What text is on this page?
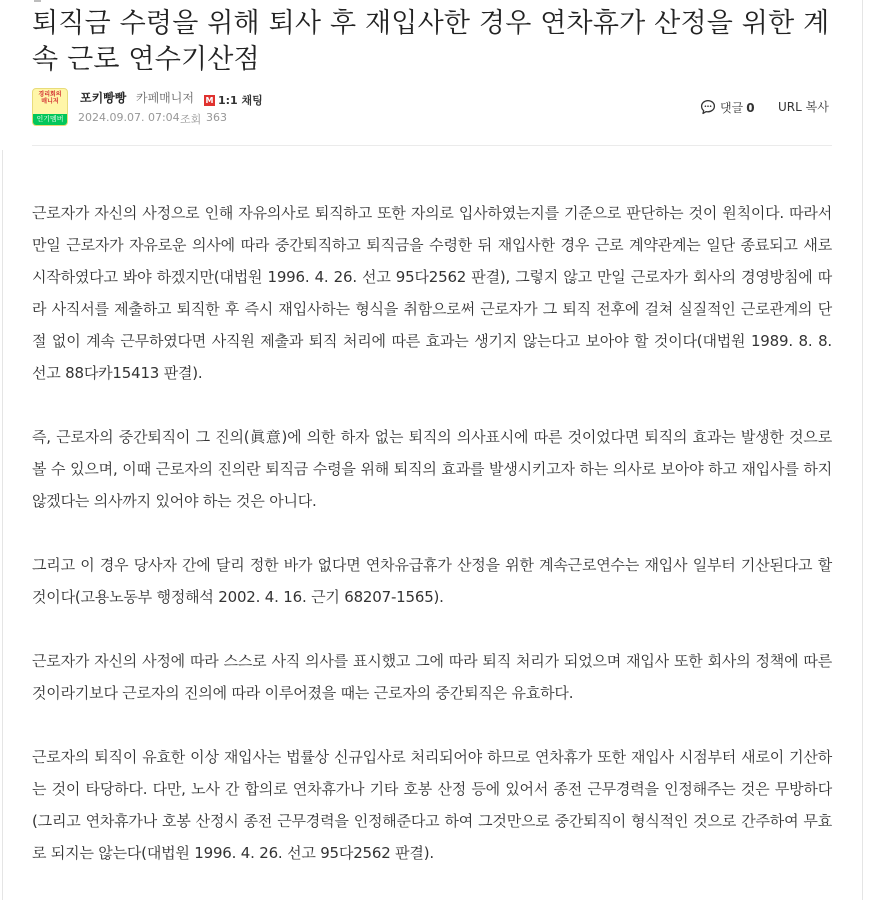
퇴직금 수령을 위해 퇴사 후 재입사한 경우 연차휴가 산정을 위한 계속 근로 연수기산점
경리회의 매니저
인기멤버
포키빵빵 카페매니저 M 1:1 채팅
2024.09.07. 07:04 조회 363
댓글 0 URL 복사

근로자가 자신의 사정으로 인해 자유의사로 퇴직하고 또한 자의로 입사하였는지를 기준으로 판단하는 것이 원칙이다. 따라서 만일 근로자가 자유로운 의사에 따라 중간퇴직하고 퇴직금을 수령한 뒤 재입사한 경우 근로 계약관계는 일단 종료되고 새로 시작하였다고 봐야 하겠지만(대법원 1996. 4. 26. 선고 95다2562 판결), 그렇지 않고 만일 근로자가 회사의 경영방침에 따라 사직서를 제출하고 퇴직한 후 즉시 재입사하는 형식을 취함으로써 근로자가 그 퇴직 전후에 걸쳐 실질적인 근로관계의 단절 없이 계속 근무하였다면 사직원 제출과 퇴직 처리에 따른 효과는 생기지 않는다고 보아야 할 것이다(대법원 1989. 8. 8. 선고 88다카15413 판결).

즉, 근로자의 중간퇴직이 그 진의(眞意)에 의한 하자 없는 퇴직의 의사표시에 따른 것이었다면 퇴직의 효과는 발생한 것으로 볼 수 있으며, 이때 근로자의 진의란 퇴직금 수령을 위해 퇴직의 효과를 발생시키고자 하는 의사로 보아야 하고 재입사를 하지 않겠다는 의사까지 있어야 하는 것은 아니다.

그리고 이 경우 당사자 간에 달리 정한 바가 없다면 연차유급휴가 산정을 위한 계속근로연수는 재입사 일부터 기산된다고 할 것이다(고용노동부 행정해석 2002. 4. 16. 근기 68207-1565).

근로자가 자신의 사정에 따라 스스로 사직 의사를 표시했고 그에 따라 퇴직 처리가 되었으며 재입사 또한 회사의 정책에 따른 것이라기보다 근로자의 진의에 따라 이루어졌을 때는 근로자의 중간퇴직은 유효하다.

근로자의 퇴직이 유효한 이상 재입사는 법률상 신규입사로 처리되어야 하므로 연차휴가 또한 재입사 시점부터 새로이 기산하는 것이 타당하다. 다만, 노사 간 합의로 연차휴가나 기타 호봉 산정 등에 있어서 종전 근무경력을 인정해주는 것은 무방하다(그리고 연차휴가나 호봉 산정시 종전 근무경력을 인정해준다고 하여 그것만으로 중간퇴직이 형식적인 것으로 간주하여 무효로 되지는 않는다(대법원 1996. 4. 26. 선고 95다2562 판결).
